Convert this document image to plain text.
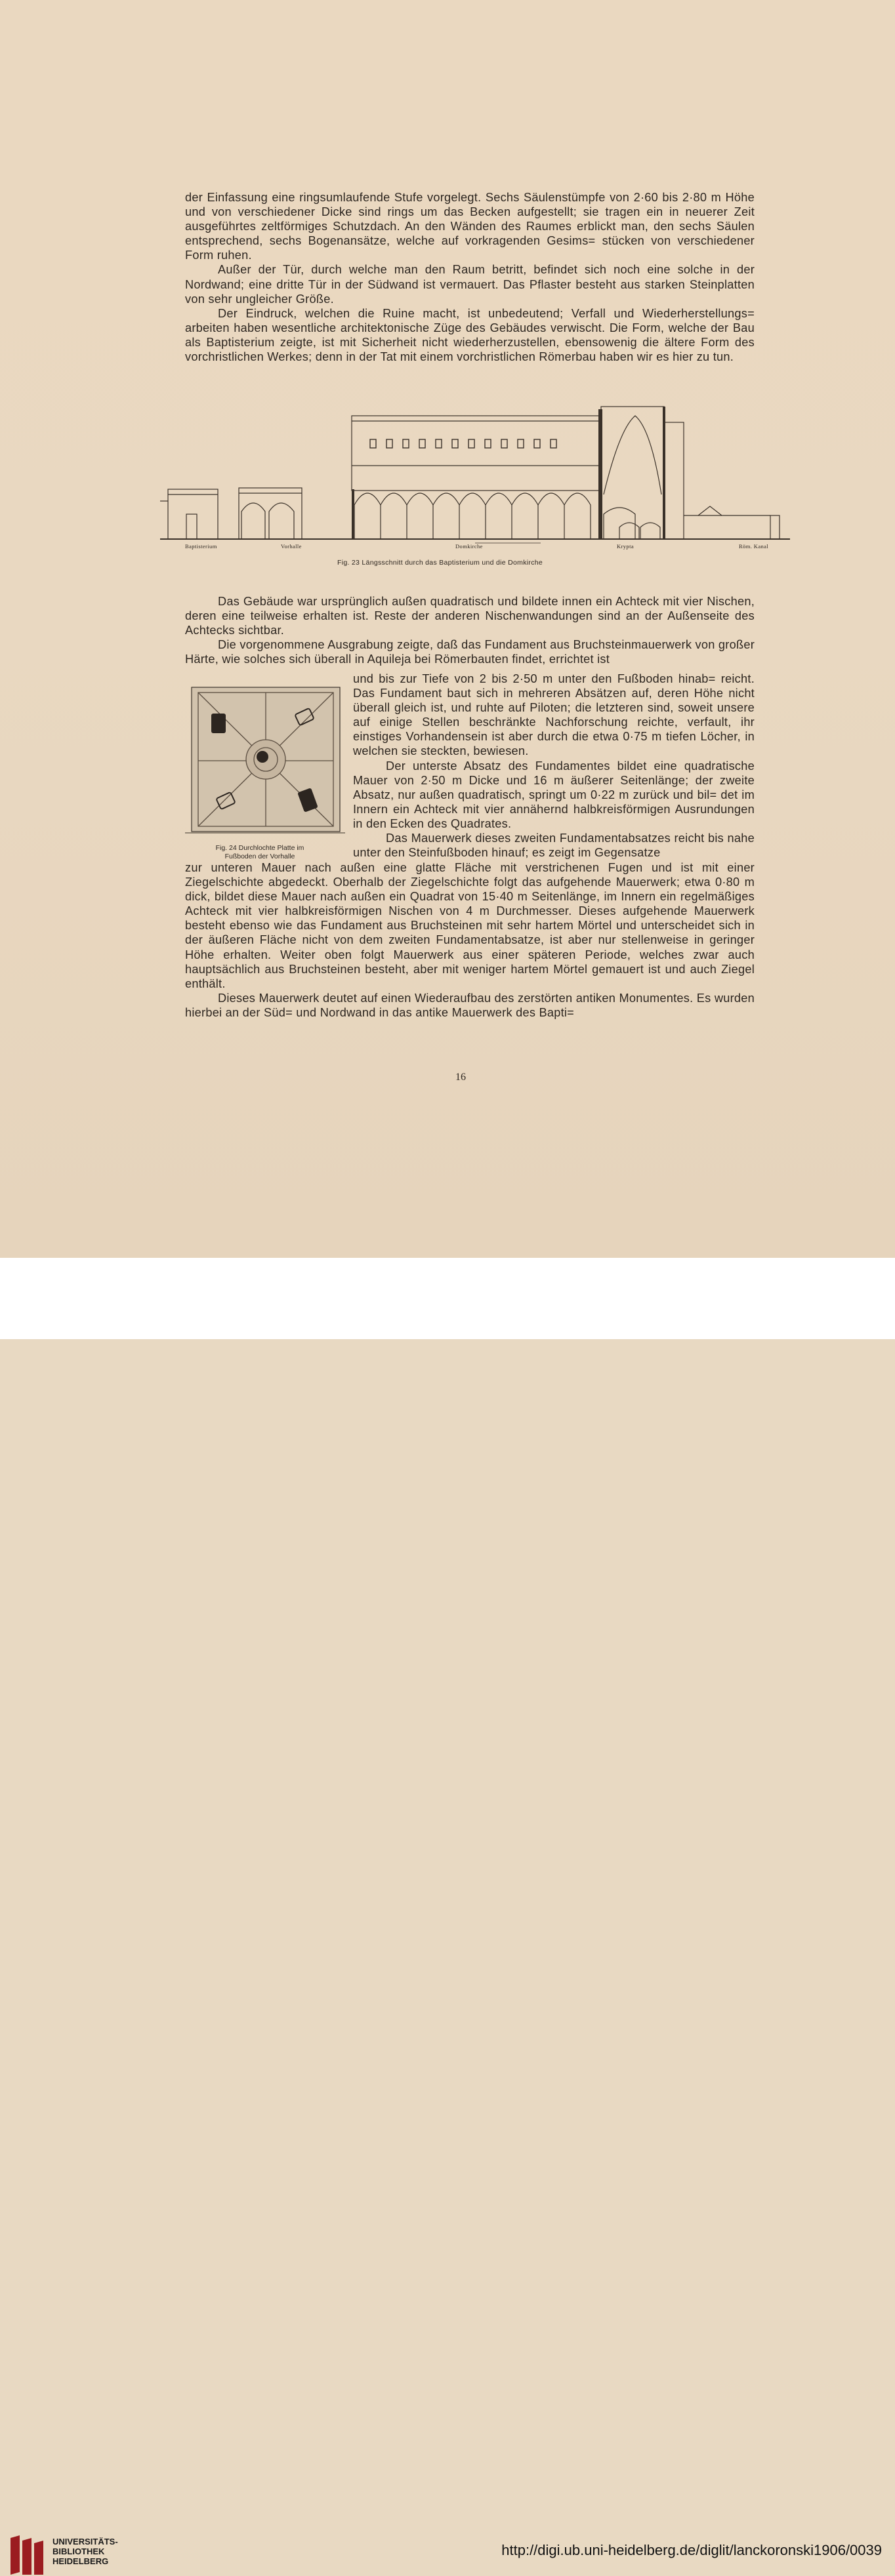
der Einfassung eine ringsumlaufende Stufe vorgelegt. Sechs Säulenstümpfe von 2·60 bis 2·80 m Höhe und von verschiedener Dicke sind rings um das Becken aufgestellt; sie tragen ein in neuerer Zeit ausgeführtes zeltförmiges Schutzdach. An den Wänden des Raumes erblickt man, den sechs Säulen entsprechend, sechs Bogenansätze, welche auf vorkragenden Gesims= stücken von verschiedener Form ruhen.

Außer der Tür, durch welche man den Raum betritt, befindet sich noch eine solche in der Nordwand; eine dritte Tür in der Südwand ist vermauert. Das Pflaster besteht aus starken Steinplatten von sehr ungleicher Größe.

Der Eindruck, welchen die Ruine macht, ist unbedeutend; Verfall und Wiederherstellungs= arbeiten haben wesentliche architektonische Züge des Gebäudes verwischt. Die Form, welche der Bau als Baptisterium zeigte, ist mit Sicherheit nicht wiederherzustellen, ebensowenig die ältere Form des vorchristlichen Werkes; denn in der Tat mit einem vorchristlichen Römerbau haben wir es hier zu tun.

Baptisterium	Vorhalle	Domkirche	Krypta	Röm. Kanal
Fig. 23 Längsschnitt durch das Baptisterium und die Domkirche

Das Gebäude war ursprünglich außen quadratisch und bildete innen ein Achteck mit vier Nischen, deren eine teilweise erhalten ist. Reste der anderen Nischenwandungen sind an der Außenseite des Achtecks sichtbar.

Die vorgenommene Ausgrabung zeigte, daß das Fundament aus Bruchsteinmauerwerk von großer Härte, wie solches sich überall in Aquileja bei Römerbauten findet, errichtet ist

Fig. 24 Durchlochte Platte im Fußboden der Vorhalle

und bis zur Tiefe von 2 bis 2·50 m unter den Fußboden hinab= reicht. Das Fundament baut sich in mehreren Absätzen auf, deren Höhe nicht überall gleich ist, und ruhte auf Piloten; die letzteren sind, soweit unsere auf einige Stellen beschränkte Nachforschung reichte, verfault, ihr einstiges Vorhandensein ist aber durch die etwa 0·75 m tiefen Löcher, in welchen sie steckten, bewiesen.

Der unterste Absatz des Fundamentes bildet eine quadratische Mauer von 2·50 m Dicke und 16 m äußerer Seitenlänge; der zweite Absatz, nur außen quadratisch, springt um 0·22 m zurück und bil= det im Innern ein Achteck mit vier annähernd halbkreisförmigen Ausrundungen in den Ecken des Quadrates.

Das Mauerwerk dieses zweiten Fundamentabsatzes reicht bis nahe unter den Steinfußboden hinauf; es zeigt im Gegensatze

zur unteren Mauer nach außen eine glatte Fläche mit verstrichenen Fugen und ist mit einer Ziegelschichte abgedeckt. Oberhalb der Ziegelschichte folgt das aufgehende Mauerwerk; etwa 0·80 m dick, bildet diese Mauer nach außen ein Quadrat von 15·40 m Seitenlänge, im Innern ein regelmäßiges Achteck mit vier halbkreisförmigen Nischen von 4 m Durchmesser. Dieses aufgehende Mauerwerk besteht ebenso wie das Fundament aus Bruchsteinen mit sehr hartem Mörtel und unterscheidet sich in der äußeren Fläche nicht von dem zweiten Fundamentabsatze, ist aber nur stellenweise in geringer Höhe erhalten. Weiter oben folgt Mauerwerk aus einer späteren Periode, welches zwar auch hauptsächlich aus Bruchsteinen besteht, aber mit weniger hartem Mörtel gemauert ist und auch Ziegel enthält.

Dieses Mauerwerk deutet auf einen Wiederaufbau des zerstörten antiken Monumentes. Es wurden hierbei an der Süd= und Nordwand in das antike Mauerwerk des Bapti=

16
UNIVERSITÄTS-
BIBLIOTHEK
HEIDELBERG
http://digi.ub.uni-heidelberg.de/diglit/lanckoronski1906/0039
